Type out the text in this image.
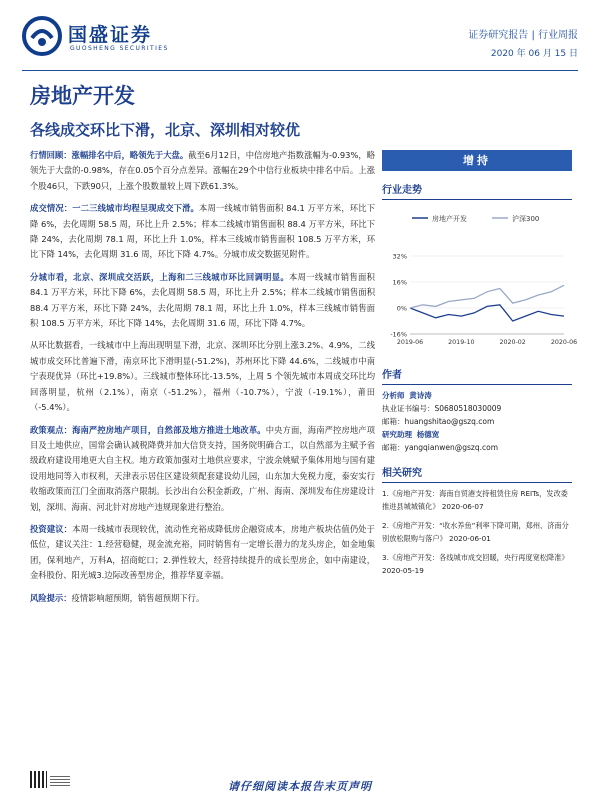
国盛证券
GUOSHENG SECURITIES
证券研究报告 | 行业周报
2020 年 06 月 15 日
房地产开发
各线成交环比下滑，北京、深圳相对较优

行情回顾：涨幅排名中后，略领先于大盘。截至6月12日，中信房地产指数涨幅为-0.93%，略领先于大盘的-0.98%，存在0.05个百分点差异。涨幅在29个中信行业板块中排名中后。上涨个股46只，下跌90只，上涨个股数量较上周下跌61.3%。

成交情况：一二三线城市均程呈现成交下滑。本周一线城市销售面积 84.1 万平方米，环比下降 6%，去化周期 58.5 周，环比上升 2.5%；样本二线城市销售面积 88.4 万平方米，环比下降 24%，去化周期 78.1 周，环比上升 1.0%，样本三线城市销售面积 108.5 万平方米，环比下降 14%，去化周期 31.6 周，环比下降 4.7%。分城市成交数据见附件。

分城市看，北京、深圳成交活跃，上海和二三线城市环比回调明显。本周一线城市销售面积 84.1 万平方米，环比下降 6%，去化周期 58.5 周，环比上升 2.5%；样本二线城市销售面积 88.4 万平方米，环比下降 24%，去化周期 78.1 周，环比上升 1.0%，样本三线城市销售面积 108.5 万平方米，环比下降 14%，去化周期 31.6 周，环比下降 4.7%。

从环比数据看，一线城市中上海出现明显下滑，北京、深圳环比分别上涨3.2%、4.9%，二线城市成交环比普遍下滑，南京环比下滑明显(-51.2%)，苏州环比下降 44.6%，二线城市中南宁表现优异（环比+19.8%）。三线城市整体环比-13.5%，上周 5 个领先城市本周成交环比均回落明显，杭州（2.1%），南京（-51.2%），福州（-10.7%），宁波（-19.1%），莆田（-5.4%）。

政策观点：海南严控房地产项目，自然部及地方推进土地改革。中央方面，海南严控房地产项目及土地供应，国常会确认减税降费并加大信贷支持，国务院明确合工，以自然部为主赋予省级政府建设用地更大自主权。地方政策加强对土地供应要求，宁波余姚赋予集体用地与国有建设用地同等入市权利，天津表示居住区建设须配套建设幼儿园，山东加大免税力度，泰安实行收缩政策而江门全面取消落户限制。长沙出台公积金新政，广州、海南、深圳发布住房建设计划，深圳、海南、河北针对房地产违规现象进行整治。

投资建议：本周一线城市表现较优，流动性充裕成降低房企融资成本，房地产板块估值仍处于低位，建议关注：1.经营稳健，现金流充裕，同时销售有一定增长潜力的龙头房企，如金地集团，保利地产，万科A，招商蛇口；2.弹性较大，经营持续提升的成长型房企，如中南建设，金科股份、阳光城3.边际改善型房企，推荐华夏幸福。

风险提示：疫情影响超预期，销售超预期下行。

增持
行业走势
房地产开发	沪深300
32%
16%
0%
-16%
2019-06	2019-10	2020-02	2020-06
作者
分析师 黄诗涛
执业证书编号：S0680518030009
邮箱：huangshitao@gszq.com
研究助理 杨德宽
邮箱：yangqianwen@gszq.com
相关研究
1.《房地产开发：海南自贸港支持租赁住房 REITs，发改委推进县城城镇化》 2020-06-07
2.《房地产开发：“收水养鱼”利率下降可期，郑州、济南分别放松限购与落户》 2020-06-01
3.《房地产开发：各线城市成交回暖，央行再度宽松降准》 2020-05-19
请仔细阅读本报告末页声明
